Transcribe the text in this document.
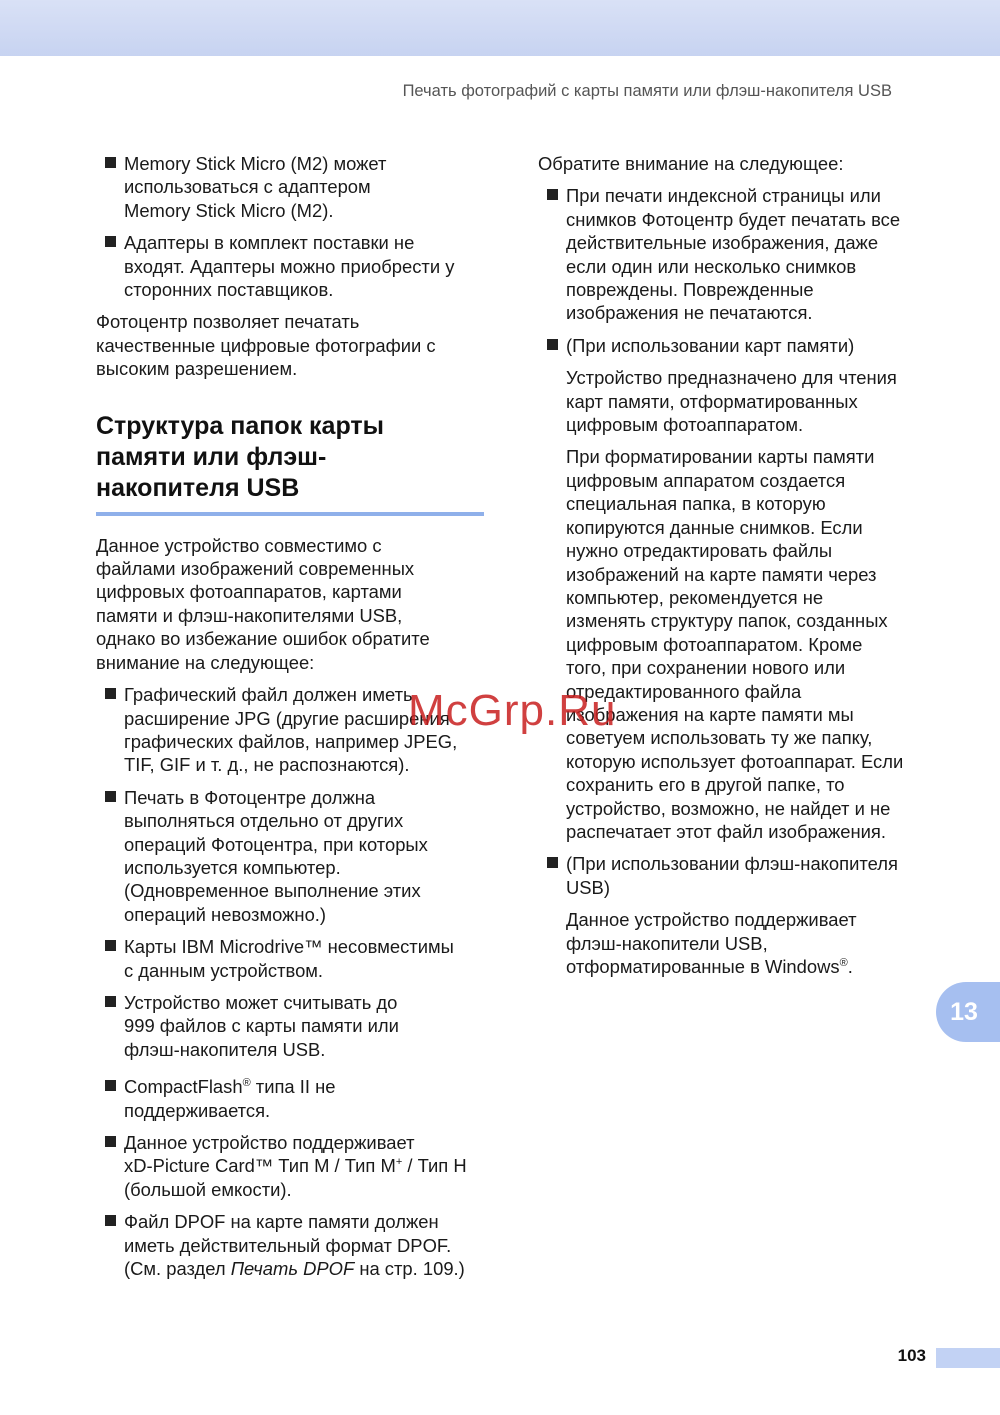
Печать фотографий с карты памяти или флэш-накопителя USB
Memory Stick Micro (M2) может
использоваться с адаптером
Memory Stick Micro (M2).
Адаптеры в комплект поставки не
входят. Адаптеры можно приобрести у
сторонних поставщиков.
Фотоцентр позволяет печатать
качественные цифровые фотографии с
высоким разрешением.
Структура папок карты
памяти или флэш-
накопителя USB
Данное устройство совместимо с
файлами изображений современных
цифровых фотоаппаратов, картами
памяти и флэш-накопителями USB,
однако во избежание ошибок обратите
внимание на следующее:
Графический файл должен иметь
расширение JPG (другие расширения
графических файлов, например JPEG,
TIF, GIF и т. д., не распознаются).
Печать в Фотоцентре должна
выполняться отдельно от других
операций Фотоцентра, при которых
используется компьютер.
(Одновременное выполнение этих
операций невозможно.)
Карты IBM Microdrive™ несовместимы
с данным устройством.
Устройство может считывать до
999 файлов с карты памяти или
флэш-накопителя USB.
CompactFlash® типа II не
поддерживается.
Данное устройство поддерживает
xD-Picture Card™ Тип M / Тип M+ / Тип H
(большой емкости).
Файл DPOF на карте памяти должен
иметь действительный формат DPOF.
(См. раздел Печать DPOF на стр. 109.)
Обратите внимание на следующее:
При печати индексной страницы или
снимков Фотоцентр будет печатать все
действительные изображения, даже
если один или несколько снимков
повреждены. Поврежденные
изображения не печатаются.
(При использовании карт памяти)
Устройство предназначено для чтения
карт памяти, отформатированных
цифровым фотоаппаратом.
При форматировании карты памяти
цифровым аппаратом создается
специальная папка, в которую
копируются данные снимков. Если
нужно отредактировать файлы
изображений на карте памяти через
компьютер, рекомендуется не
изменять структуру папок, созданных
цифровым фотоаппаратом. Кроме
того, при сохранении нового или
отредактированного файла
изображения на карте памяти мы
советуем использовать ту же папку,
которую использует фотоаппарат. Если
сохранить его в другой папке, то
устройство, возможно, не найдет и не
распечатает этот файл изображения.
(При использовании флэш-накопителя
USB)
Данное устройство поддерживает
флэш-накопители USB,
отформатированные в Windows®.
13
103
McGrp.Ru
